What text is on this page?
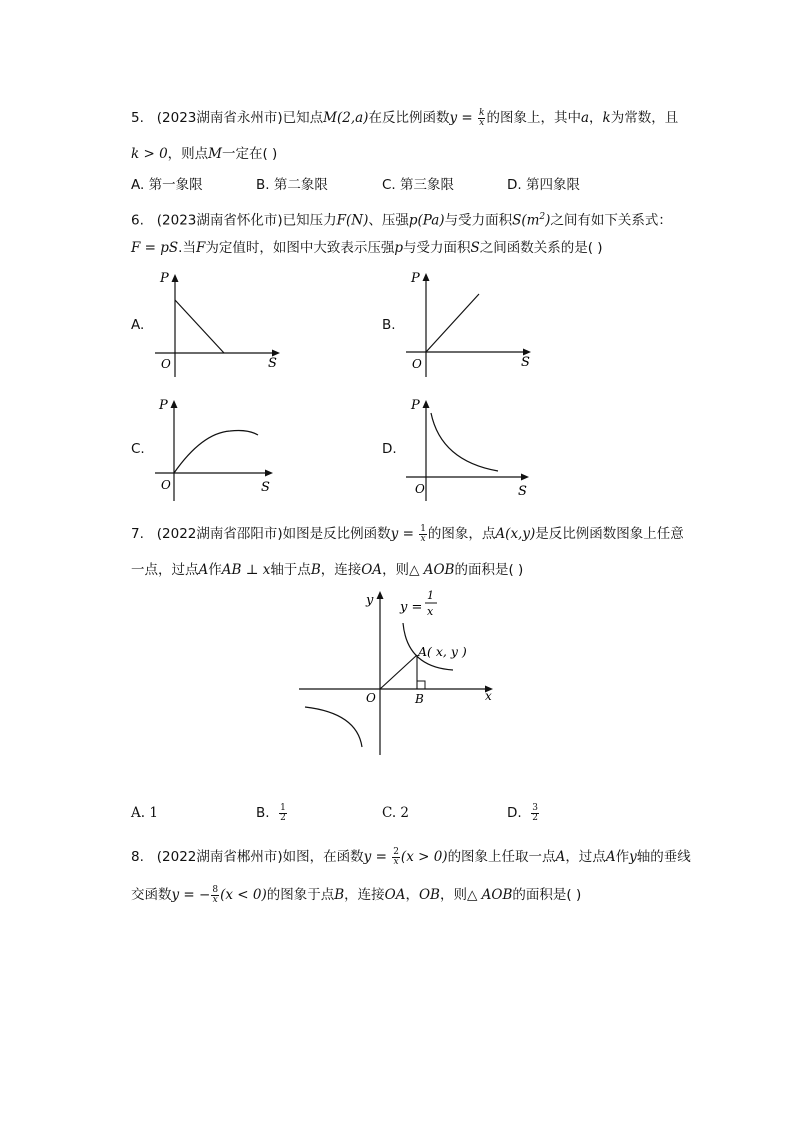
5. (2023湖南省永州市)已知点M(2,a)在反比例函数$y = \frac{k}{x}$ 的图象上，其中a，k为常数，且
k > 0，则点M一定在( )
A. 第一象限	B. 第二象限	C. 第三象限	D. 第四象限
6. (2023湖南省怀化市)已知压力F(N)、压强p(Pa)与受力面积$S(m^2)$之间有如下关系式：
F = pS.当F为定值时，如图中大致表示压强p与受力面积S之间函数关系的是( )
A.
P
O	S
B.
P
O	S
C.
P
O	S
D.
P
O	S
7. (2022湖南省邵阳市)如图是反比例函数$y = \frac{1}{x}$ 的图象，点A(x,y)是反比例函数图象上任意
一点，过点A作AB ⊥ x轴于点B，连接OA，则△ AOB的面积是( )
y
x
O	B
A( x, y )
y =
1
x
A. 1	B. $\frac{1}{2}$	C. 2	D. $\frac{3}{2}$
8. (2022湖南省郴州市)如图，在函数$y = \frac{2}{x} (x > 0)$的图象上任取一点A，过点A作y轴的垂线
交函数y = − $\frac{8}{x} (x < 0)$的图象于点B，连接OA，OB，则△ AOB的面积是( )
